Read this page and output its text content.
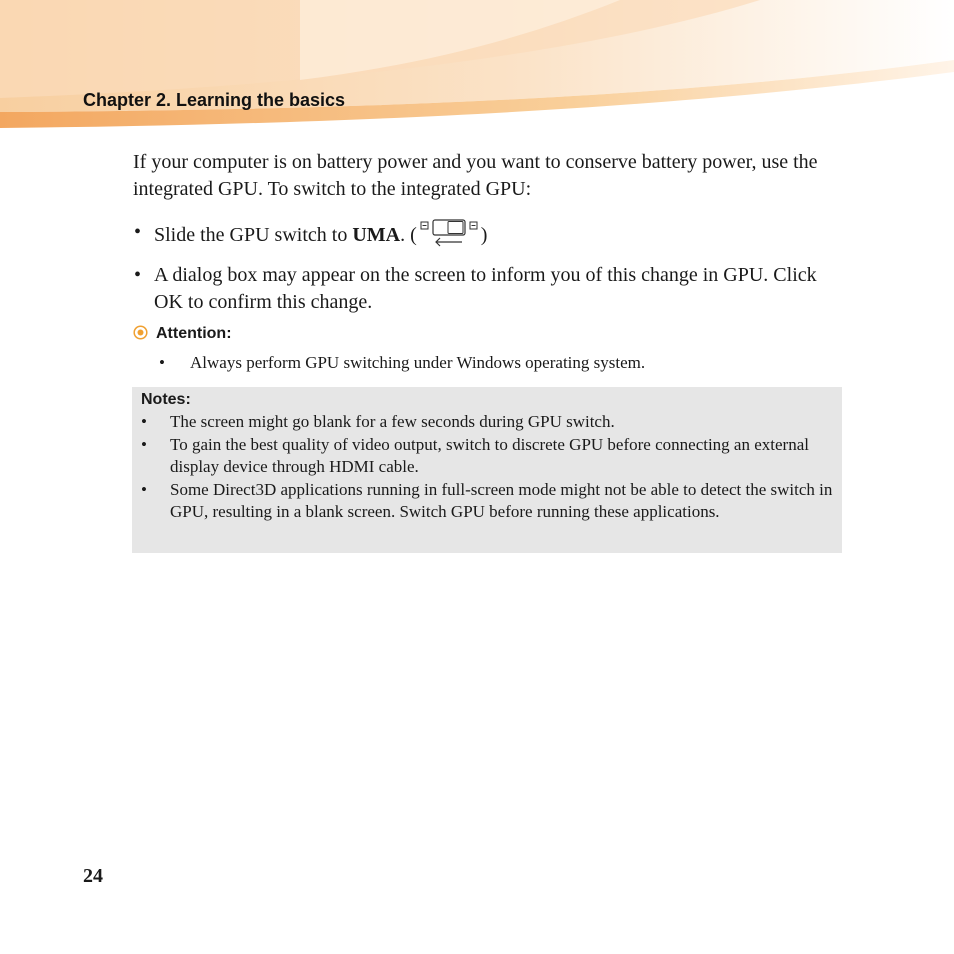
Chapter 2. Learning the basics
If your computer is on battery power and you want to conserve battery power, use the integrated GPU. To switch to the integrated GPU:
• Slide the GPU switch to UMA. (	)
• A dialog box may appear on the screen to inform you of this change in GPU. Click OK to confirm this change.
Attention:
• Always perform GPU switching under Windows operating system.
Notes:
• The screen might go blank for a few seconds during GPU switch.
• To gain the best quality of video output, switch to discrete GPU before connecting an external display device through HDMI cable.
• Some Direct3D applications running in full-screen mode might not be able to detect the switch in GPU, resulting in a blank screen. Switch GPU before running these applications.
24
